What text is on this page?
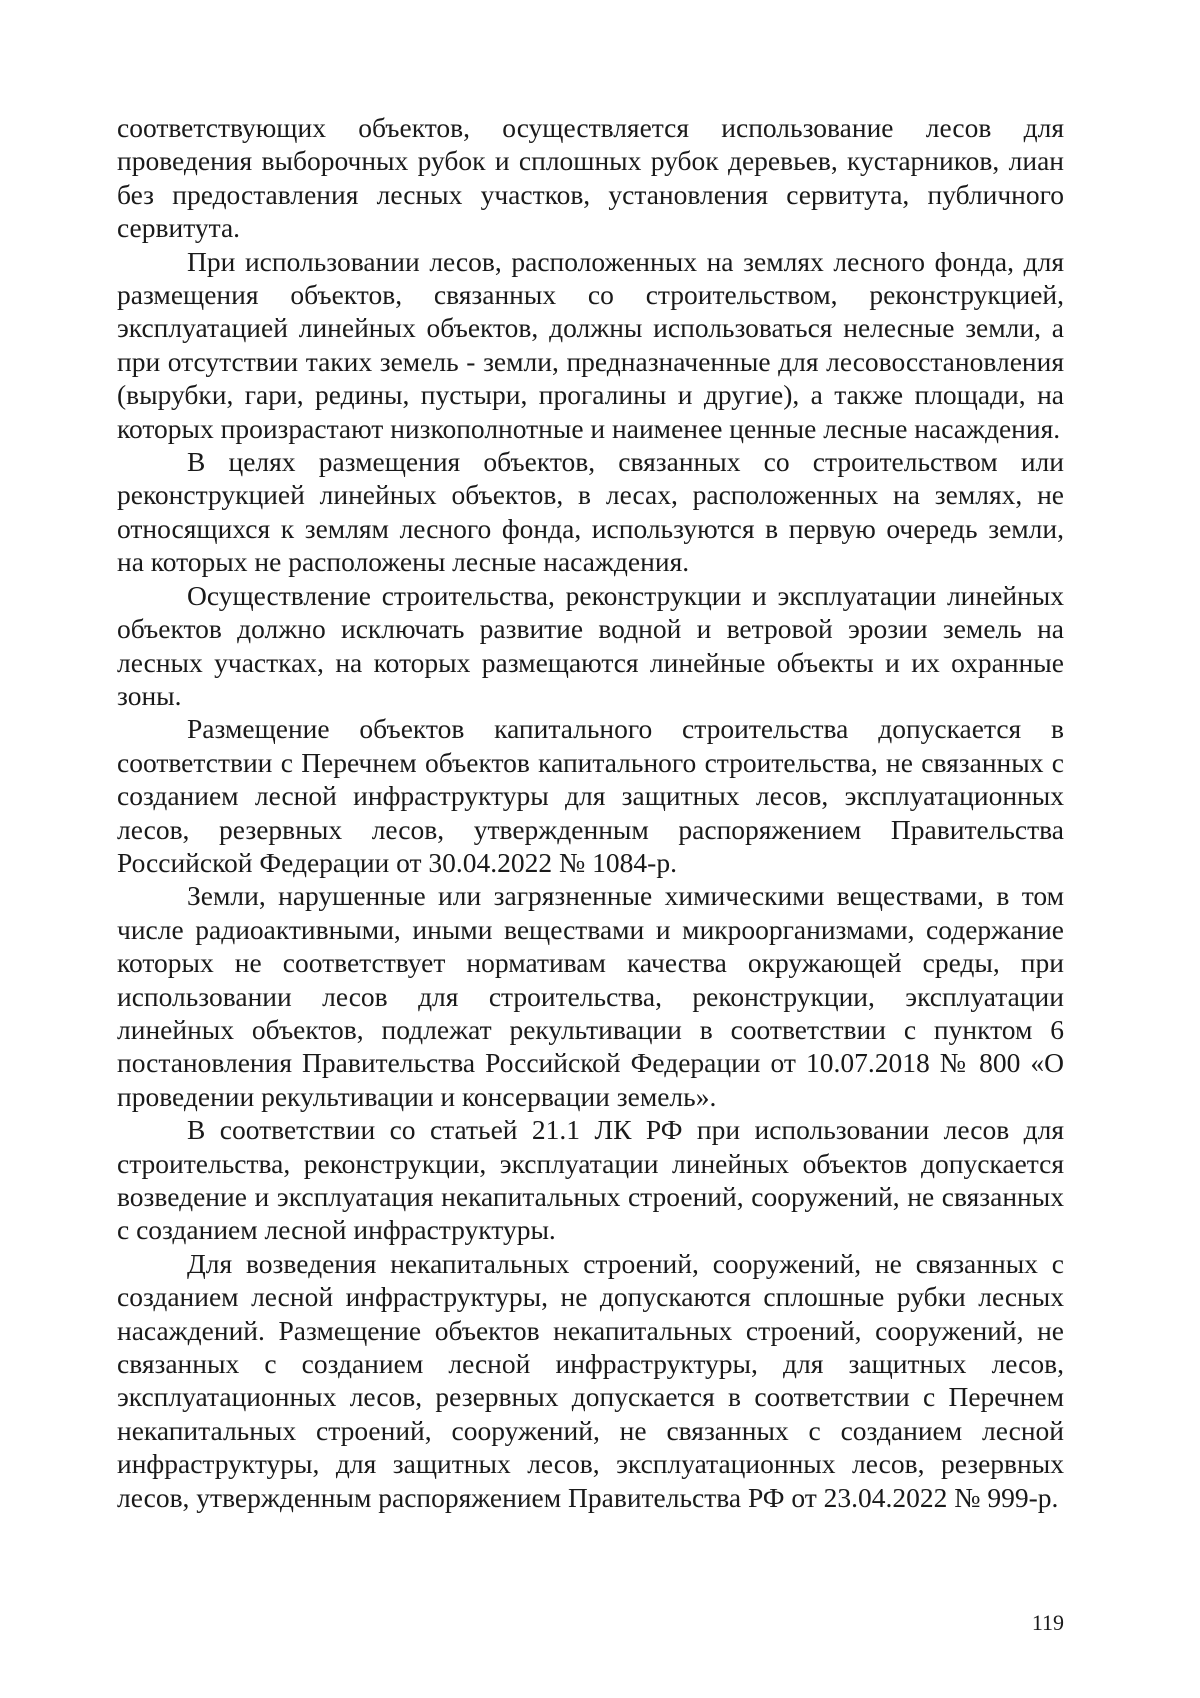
соответствующих объектов, осуществляется использование лесов для проведения выборочных рубок и сплошных рубок деревьев, кустарников, лиан без предоставления лесных участков, установления сервитута, публичного сервитута.

При использовании лесов, расположенных на землях лесного фонда, для размещения объектов, связанных со строительством, реконструкцией, эксплуатацией линейных объектов, должны использоваться нелесные земли, а при отсутствии таких земель - земли, предназначенные для лесовосстановления (вырубки, гари, редины, пустыри, прогалины и другие), а также площади, на которых произрастают низкополнотные и наименее ценные лесные насаждения.

В целях размещения объектов, связанных со строительством или реконструкцией линейных объектов, в лесах, расположенных на землях, не относящихся к землям лесного фонда, используются в первую очередь земли, на которых не расположены лесные насаждения.

Осуществление строительства, реконструкции и эксплуатации линейных объектов должно исключать развитие водной и ветровой эрозии земель на лесных участках, на которых размещаются линейные объекты и их охранные зоны.

Размещение объектов капитального строительства допускается в соответствии с Перечнем объектов капитального строительства, не связанных с созданием лесной инфраструктуры для защитных лесов, эксплуатационных лесов, резервных лесов, утвержденным распоряжением Правительства Российской Федерации от 30.04.2022 № 1084-р.

Земли, нарушенные или загрязненные химическими веществами, в том числе радиоактивными, иными веществами и микроорганизмами, содержание которых не соответствует нормативам качества окружающей среды, при использовании лесов для строительства, реконструкции, эксплуатации линейных объектов, подлежат рекультивации в соответствии с пунктом 6 постановления Правительства Российской Федерации от 10.07.2018 № 800 «О проведении рекультивации и консервации земель».

В соответствии со статьей 21.1 ЛК РФ при использовании лесов для строительства, реконструкции, эксплуатации линейных объектов допускается возведение и эксплуатация некапитальных строений, сооружений, не связанных с созданием лесной инфраструктуры.

Для возведения некапитальных строений, сооружений, не связанных с созданием лесной инфраструктуры, не допускаются сплошные рубки лесных насаждений. Размещение объектов некапитальных строений, сооружений, не связанных с созданием лесной инфраструктуры, для защитных лесов, эксплуатационных лесов, резервных допускается в соответствии с Перечнем некапитальных строений, сооружений, не связанных с созданием лесной инфраструктуры, для защитных лесов, эксплуатационных лесов, резервных лесов, утвержденным распоряжением Правительства РФ от 23.04.2022 № 999-р.

119
